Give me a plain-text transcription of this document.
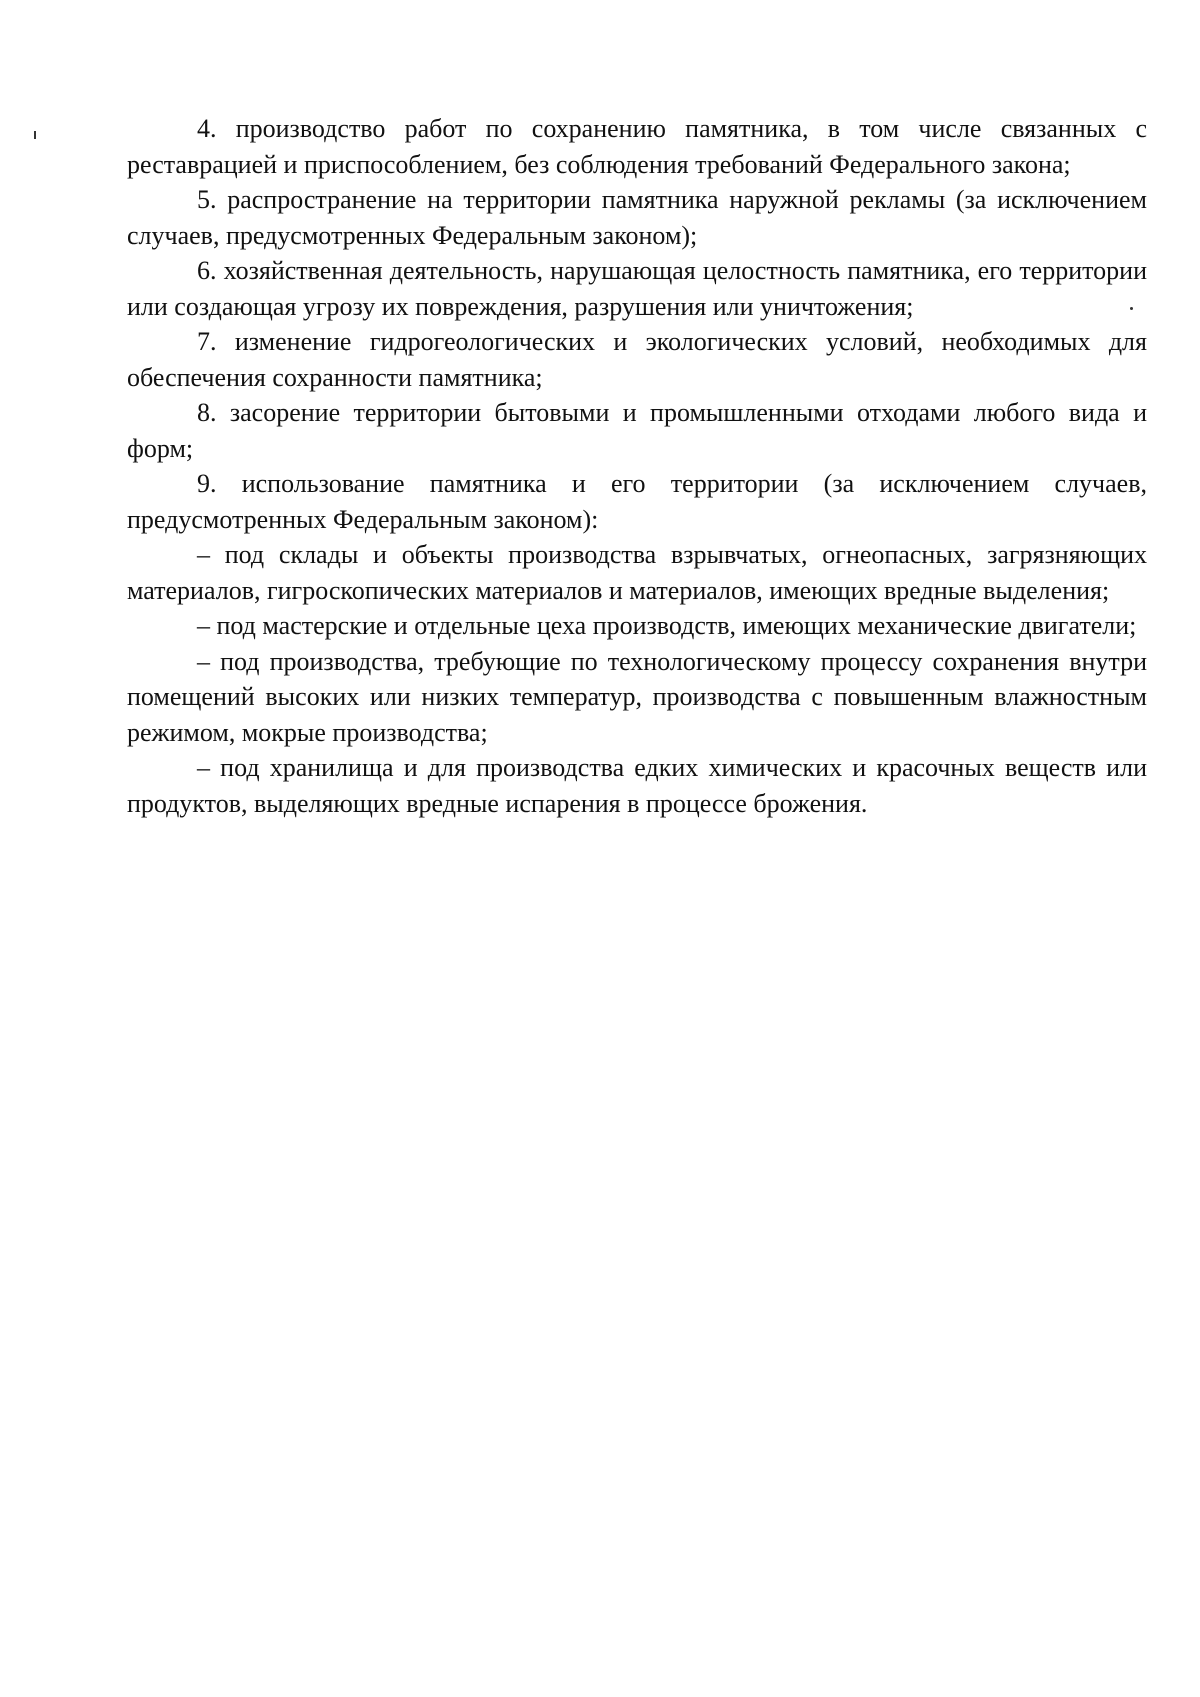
4. производство работ по сохранению памятника, в том числе связанных с реставрацией и приспособлением, без соблюдения требований Федерального закона;

5. распространение на территории памятника наружной рекламы (за исключением случаев, предусмотренных Федеральным законом);

6. хозяйственная деятельность, нарушающая целостность памятника, его территории или создающая угрозу их повреждения, разрушения или уничтожения;

7. изменение гидрогеологических и экологических условий, необходимых для обеспечения сохранности памятника;

8. засорение территории бытовыми и промышленными отходами любого вида и форм;

9. использование памятника и его территории (за исключением случаев, предусмотренных Федеральным законом):

– под склады и объекты производства взрывчатых, огнеопасных, загрязняющих материалов, гигроскопических материалов и материалов, имеющих вредные выделения;

– под мастерские и отдельные цеха производств, имеющих механические двигатели;

– под производства, требующие по технологическому процессу сохранения внутри помещений высоких или низких температур, производства с повышенным влажностным режимом, мокрые производства;

– под хранилища и для производства едких химических и красочных веществ или продуктов, выделяющих вредные испарения в процессе брожения.
